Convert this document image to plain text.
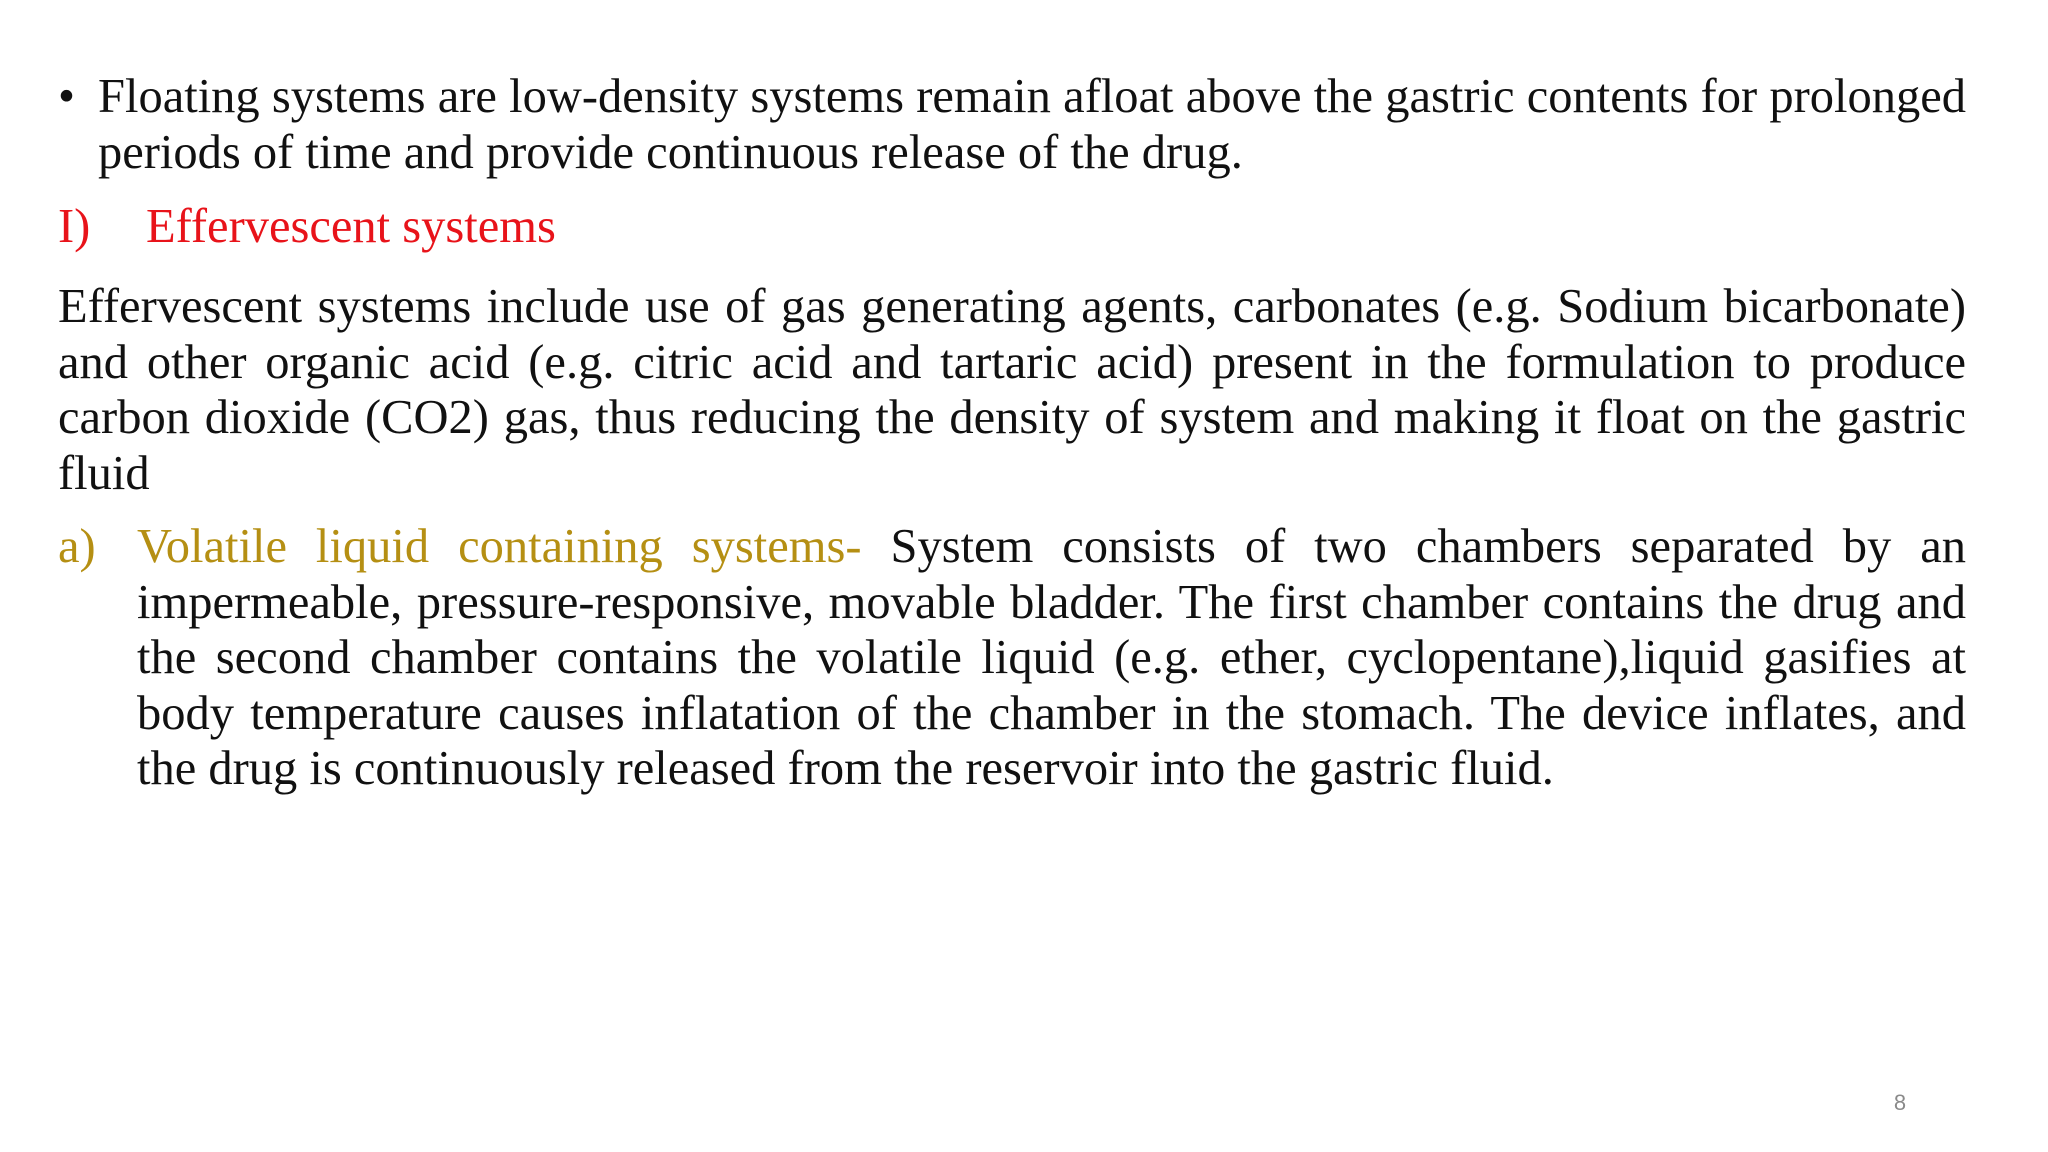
• Floating systems are low-density systems remain afloat above the gastric contents for prolonged periods of time and provide continuous release of the drug.
I) Effervescent systems
Effervescent systems include use of gas generating agents, carbonates (e.g. Sodium bicarbonate) and other organic acid (e.g. citric acid and tartaric acid) present in the formulation to produce carbon dioxide (CO2) gas, thus reducing the density of system and making it float on the gastric fluid
a) Volatile liquid containing systems- System consists of two chambers separated by an impermeable, pressure-responsive, movable bladder. The first chamber contains the drug and the second chamber contains the volatile liquid (e.g. ether, cyclopentane),liquid gasifies at body temperature causes inflatation of the chamber in the stomach. The device inflates, and the drug is continuously released from the reservoir into the gastric fluid.
8
